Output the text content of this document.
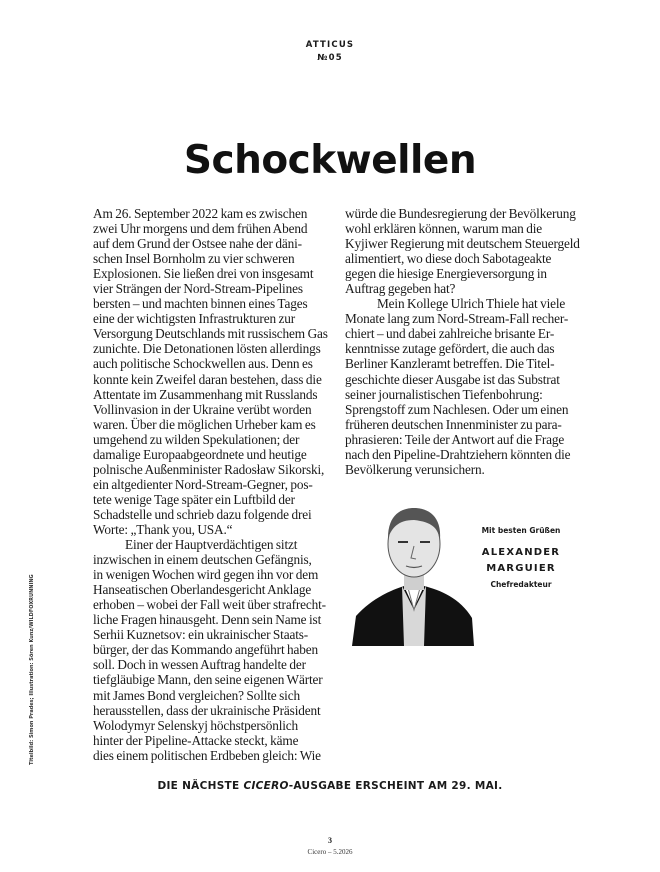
ATTICUS
№05
Schockwellen
Am 26. September 2022 kam es zwischen
zwei Uhr morgens und dem frühen Abend
auf dem Grund der Ostsee nahe der däni-
schen Insel Bornholm zu vier schweren
Explosionen. Sie ließen drei von insgesamt
vier Strängen der Nord-Stream-Pipelines
bersten – und machten binnen eines Tages
eine der wichtigsten Infrastrukturen zur
Versorgung Deutschlands mit russischem Gas
zunichte. Die Detonationen lösten allerdings
auch politische Schockwellen aus. Denn es
konnte kein Zweifel daran bestehen, dass die
Attentate im Zusammenhang mit Russlands
Vollinvasion in der Ukraine verübt worden
waren. Über die möglichen Urheber kam es
umgehend zu wilden Spekulationen; der
damalige Europaabgeordnete und heutige
polnische Außenminister Radosław Sikorski,
ein altgedienter Nord-Stream-Gegner, pos-
tete wenige Tage später ein Luftbild der
Schadstelle und schrieb dazu folgende drei
Worte: „Thank you, USA.“
Einer der Hauptverdächtigen sitzt
inzwischen in einem deutschen Gefängnis,
in wenigen Wochen wird gegen ihn vor dem
Hanseatischen Oberlandesgericht Anklage
erhoben – wobei der Fall weit über strafrecht-
liche Fragen hinausgeht. Denn sein Name ist
Serhii Kuznetsov: ein ukrainischer Staats-
bürger, der das Kommando angeführt haben
soll. Doch in wessen Auftrag handelte der
tiefgläubige Mann, den seine eigenen Wärter
mit James Bond vergleichen? Sollte sich
herausstellen, dass der ukrainische Präsident
Wolodymyr Selenskyj höchstpersönlich
hinter der Pipeline-Attacke steckt, käme
dies einem politischen Erdbeben gleich: Wie
würde die Bundesregierung der Bevölkerung
wohl erklären können, warum man die
Kyjiwer Regierung mit deutschem Steuergeld
alimentiert, wo diese doch Sabotageakte
gegen die hiesige Energieversorgung in
Auftrag gegeben hat?
Mein Kollege Ulrich Thiele hat viele
Monate lang zum Nord-Stream-Fall recher-
chiert – und dabei zahlreiche brisante Er-
kenntnisse zutage gefördert, die auch das
Berliner Kanzleramt betreffen. Die Titel-
geschichte dieser Ausgabe ist das Substrat
seiner journalistischen Tiefenbohrung:
Sprengstoff zum Nachlesen. Oder um einen
früheren deutschen Innenminister zu para-
phrasieren: Teile der Antwort auf die Frage
nach den Pipeline-Drahtziehern könnten die
Bevölkerung verunsichern.
Mit besten Grüßen
ALEXANDER
MARGUIER
Chefredakteur
Titelbild: Simon Prades; Illustration: Sören Kunz/WILDFOXRUNNING
DIE NÄCHSTE CICERO-AUSGABE ERSCHEINT AM 29. MAI.
3
Cicero – 5.2026
